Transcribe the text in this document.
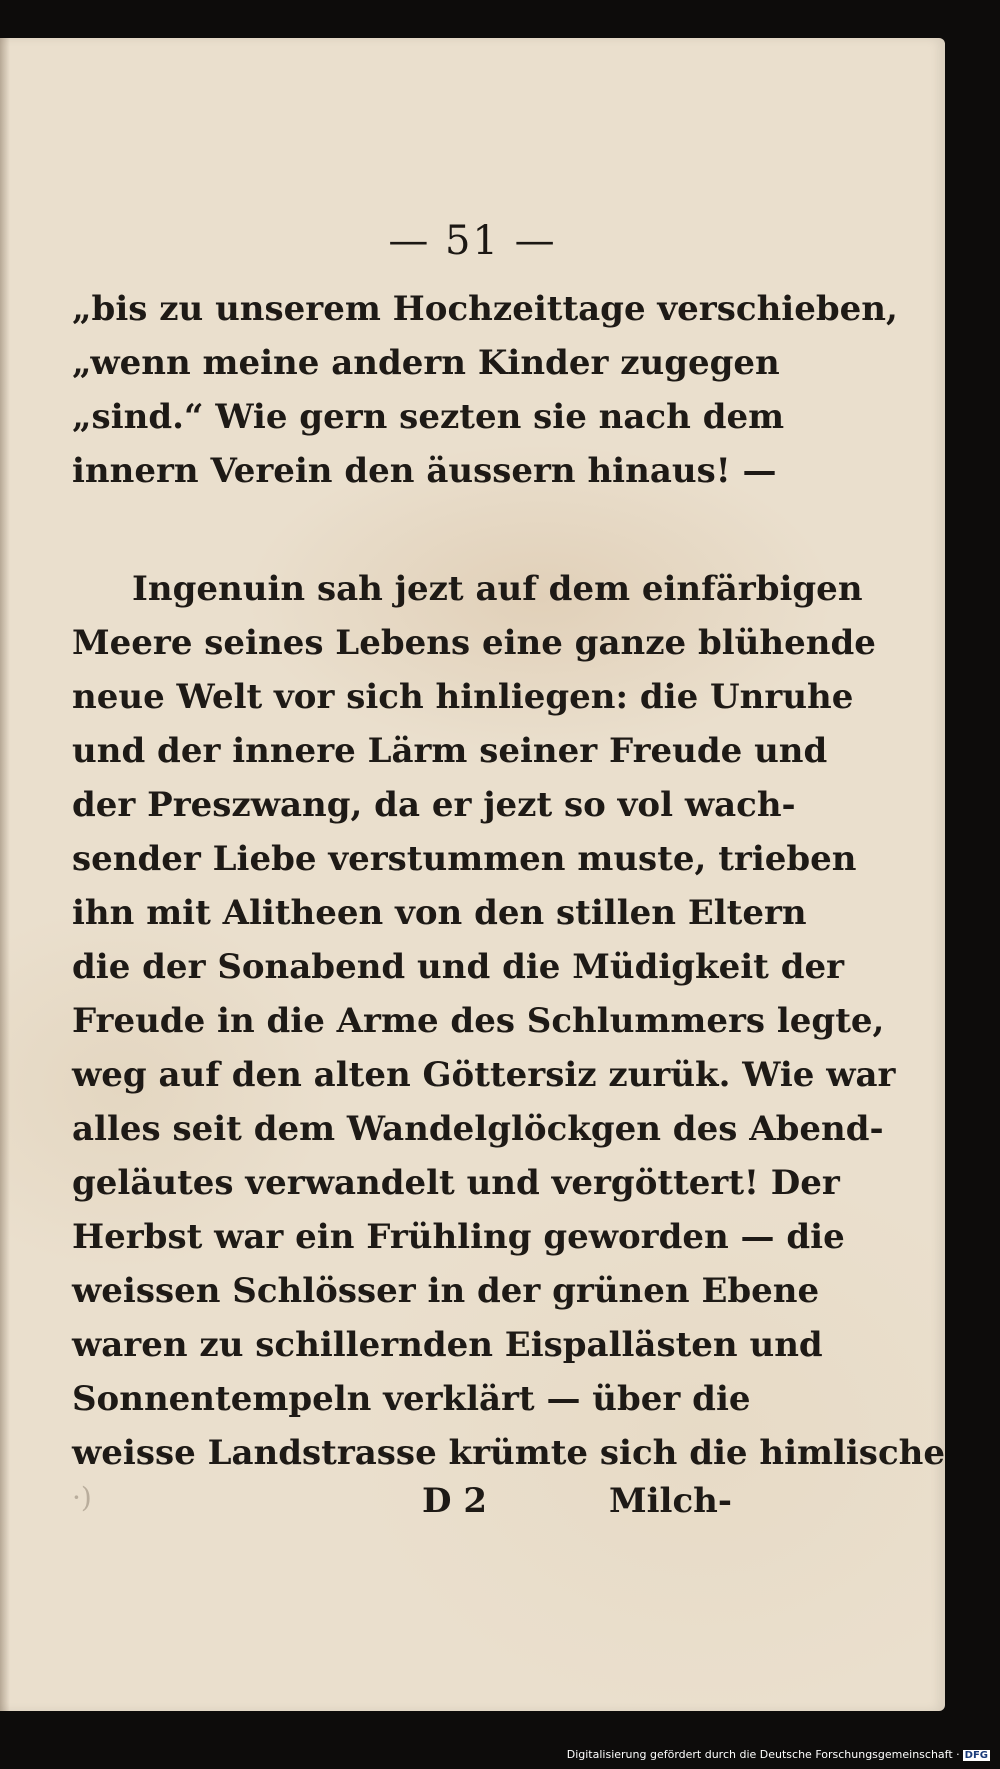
— 51 —
„bis zu unserem Hochzeittage verschieben,
„wenn meine andern Kinder zugegen
„sind.“ Wie gern sezten sie nach dem
innern Verein den äussern hinaus! —
Ingenuin sah jezt auf dem einfärbigen
Meere seines Lebens eine ganze blühende
neue Welt vor sich hinliegen: die Unruhe
und der innere Lärm seiner Freude und
der Preszwang, da er jezt so vol wach-
sender Liebe verstummen muste, trieben
ihn mit Alitheen von den stillen Eltern
die der Sonabend und die Müdigkeit der
Freude in die Arme des Schlummers legte,
weg auf den alten Göttersiz zurük. Wie war
alles seit dem Wandelglöckgen des Abend-
geläutes verwandelt und vergöttert! Der
Herbst war ein Frühling geworden — die
weissen Schlösser in der grünen Ebene
waren zu schillernden Eispallästen und
Sonnentempeln verklärt — über die
weisse Landstrasse krümte sich die himlische
·)	D 2	Milch-
Digitalisierung gefördert durch die Deutsche Forschungsgemeinschaft · DFG
